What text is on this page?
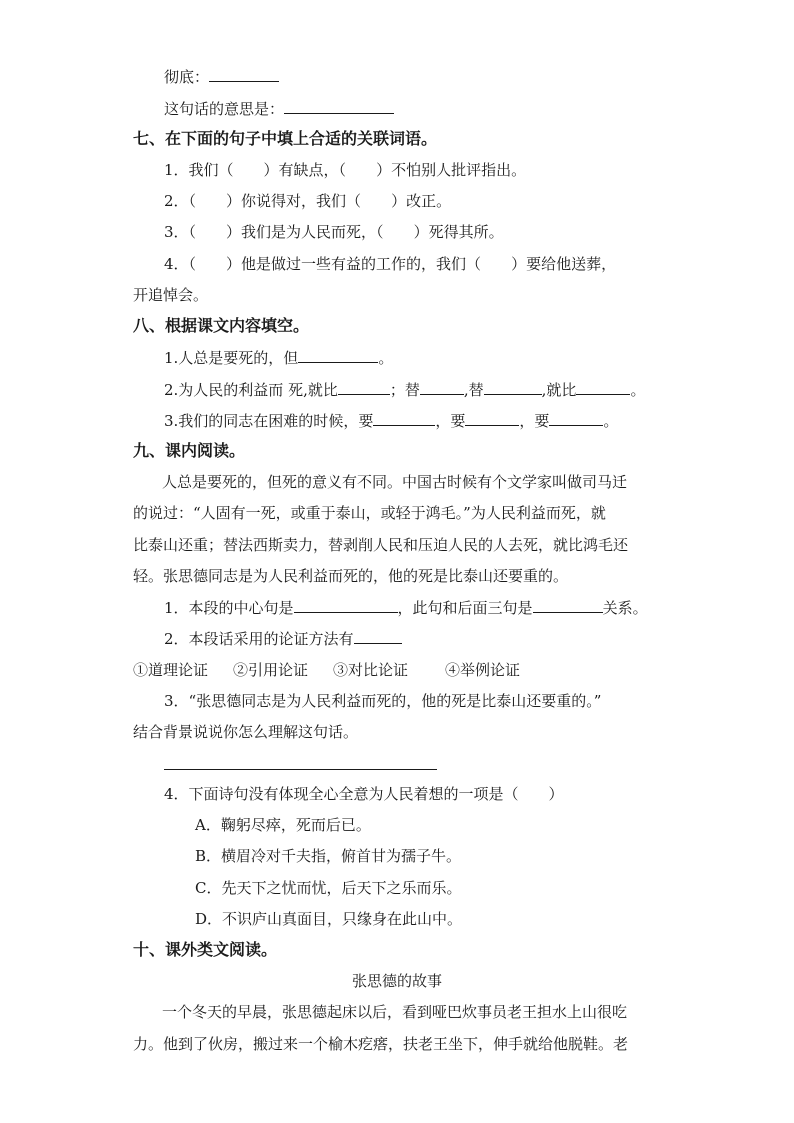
彻底：
这句话的意思是：
七、在下面的句子中填上合适的关联词语。
1．我们（ ）有缺点，（ ）不怕别人批评指出。
2．（ ）你说得对，我们（ ）改正。
3．（ ）我们是为人民而死，（ ）死得其所。
4．（ ）他是做过一些有益的工作的，我们（ ）要给他送葬，
开追悼会。
八、根据课文内容填空。
1.人总是要死的，但	。
2.为人民的利益而 死,就比	；替	,替	,就比	。
3.我们的同志在困难的时候，要	，要	，要	。
九、课内阅读。
人总是要死的，但死的意义有不同。中国古时候有个文学家叫做司马迁
的说过：“人固有一死，或重于泰山，或轻于鸿毛。”为人民利益而死，就
比泰山还重；替法西斯卖力，替剥削人民和压迫人民的人去死，就比鸿毛还
轻。张思德同志是为人民利益而死的，他的死是比泰山还要重的。
1．本段的中心句是	，此句和后面三句是	关系。
2．本段话采用的论证方法有
①道理论证 ②引用论证 ③对比论证 ④举例论证
3．“张思德同志是为人民利益而死的，他的死是比泰山还要重的。”
结合背景说说你怎么理解这句话。
4．下面诗句没有体现全心全意为人民着想的一项是（　　）
A．鞠躬尽瘁，死而后已。
B．横眉冷对千夫指，俯首甘为孺子牛。
C．先天下之忧而忧，后天下之乐而乐。
D．不识庐山真面目，只缘身在此山中。
十、课外类文阅读。
张思德的故事
一个冬天的早晨，张思德起床以后，看到哑巴炊事员老王担水上山很吃
力。他到了伙房，搬过来一个榆木疙瘩，扶老王坐下，伸手就给他脱鞋。老
